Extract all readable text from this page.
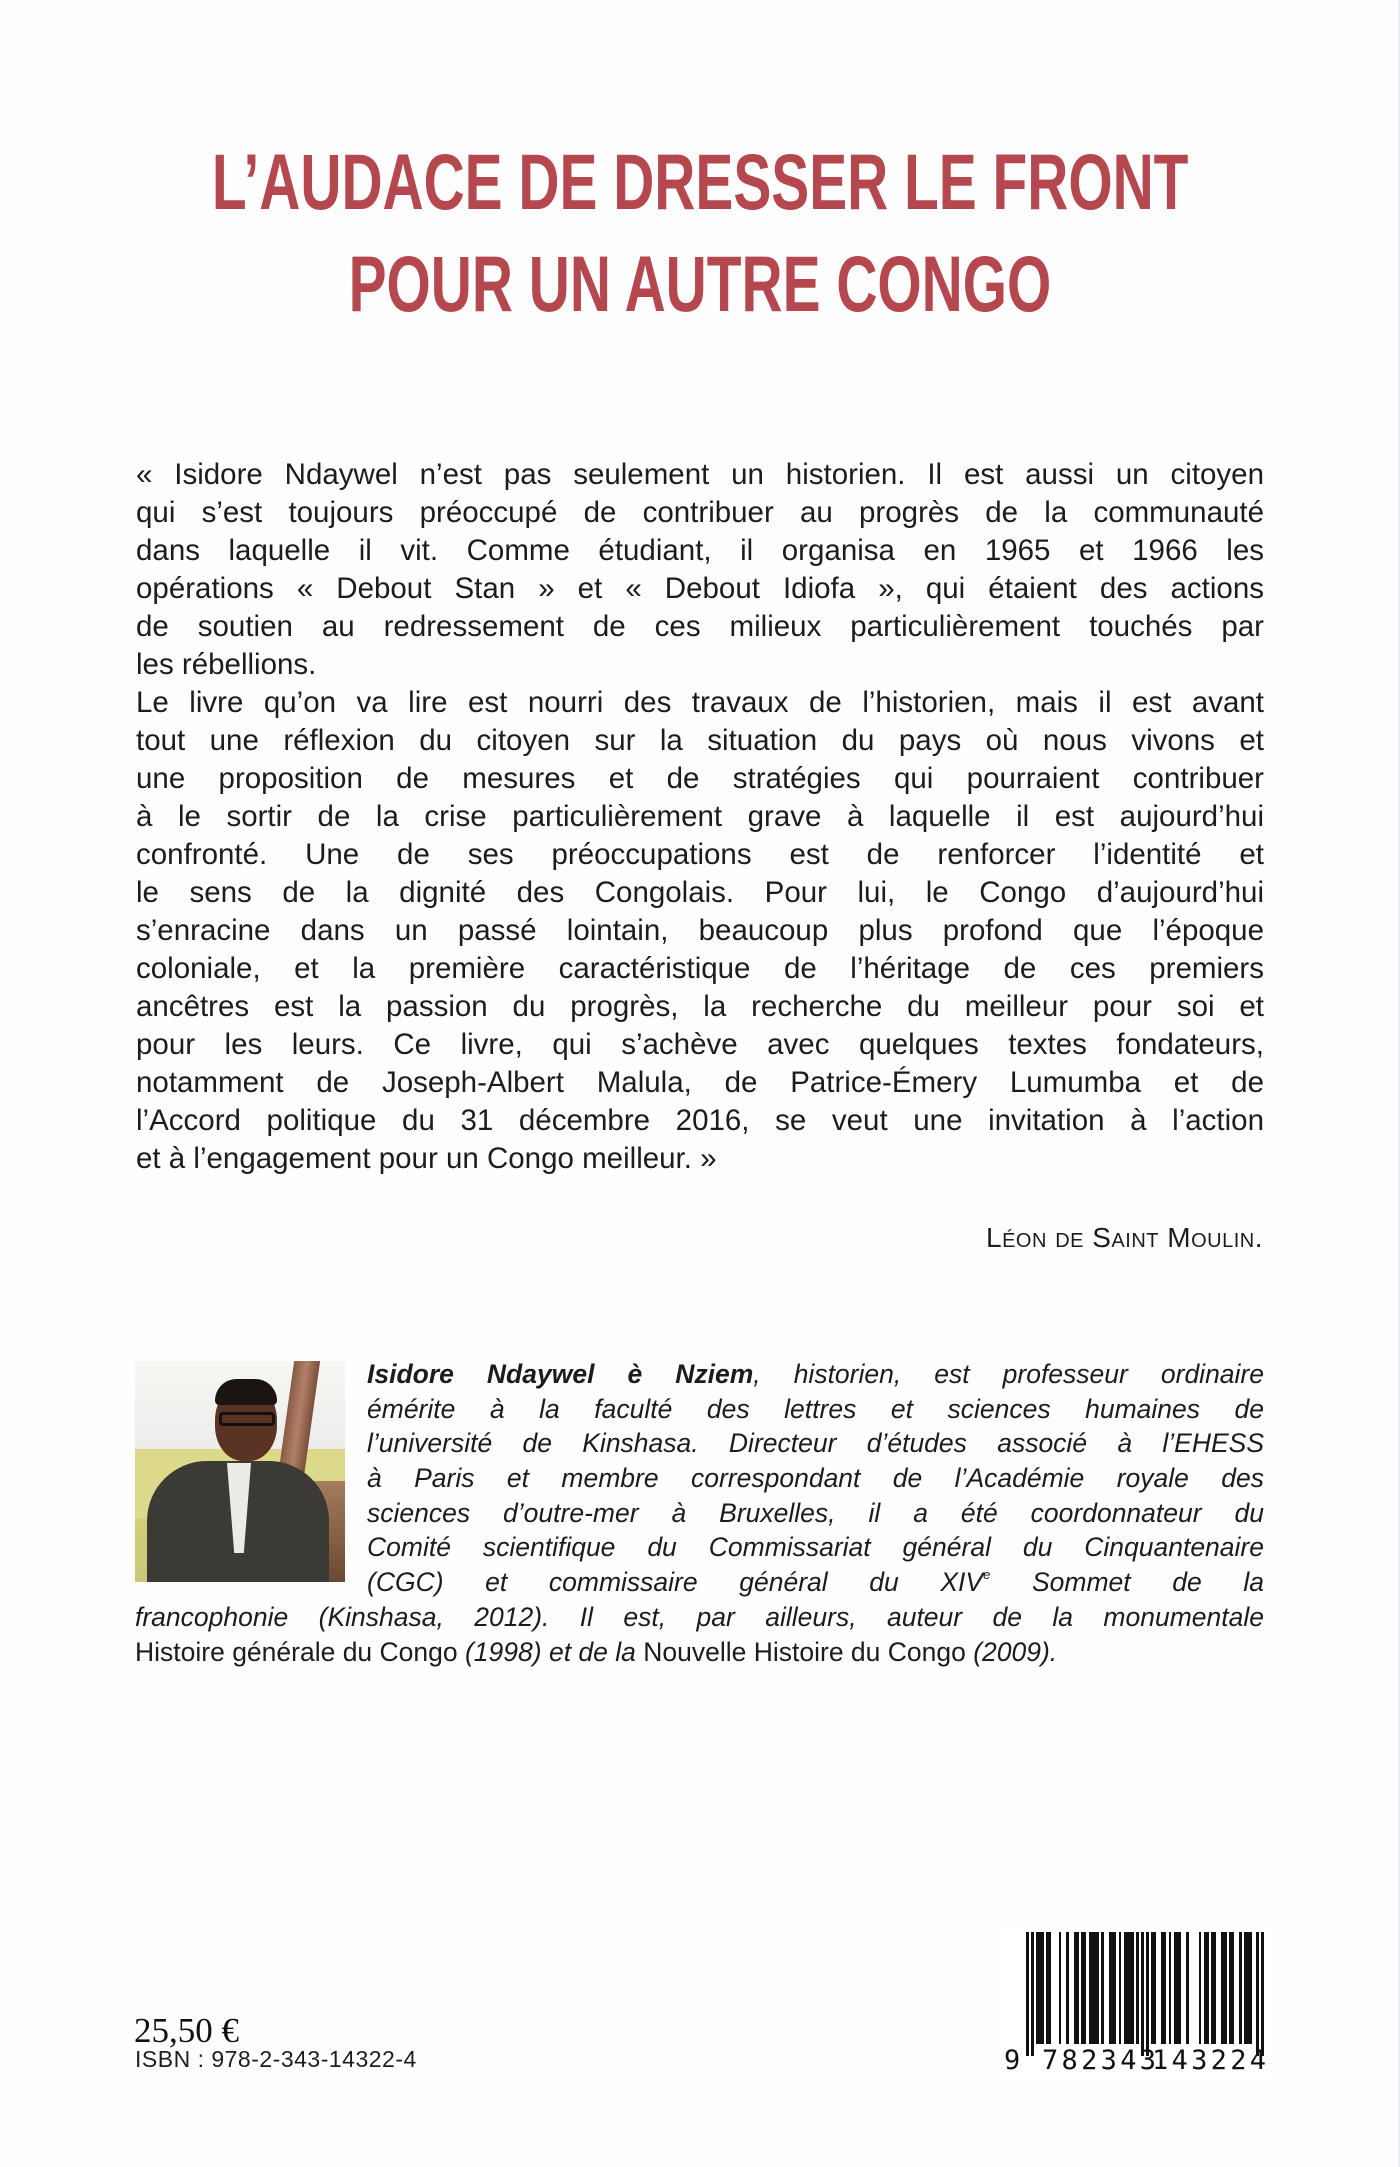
L’AUDACE DE DRESSER LE FRONT
POUR UN AUTRE CONGO
« Isidore Ndaywel n’est pas seulement un historien. Il est aussi un citoyen
qui s’est toujours préoccupé de contribuer au progrès de la communauté
dans laquelle il vit. Comme étudiant, il organisa en 1965 et 1966 les
opérations « Debout Stan » et « Debout Idiofa », qui étaient des actions
de soutien au redressement de ces milieux particulièrement touchés par
les rébellions.
Le livre qu’on va lire est nourri des travaux de l’historien, mais il est avant
tout une réflexion du citoyen sur la situation du pays où nous vivons et
une proposition de mesures et de stratégies qui pourraient contribuer
à le sortir de la crise particulièrement grave à laquelle il est aujourd’hui
confronté. Une de ses préoccupations est de renforcer l’identité et
le sens de la dignité des Congolais. Pour lui, le Congo d’aujourd’hui
s’enracine dans un passé lointain, beaucoup plus profond que l’époque
coloniale, et la première caractéristique de l’héritage de ces premiers
ancêtres est la passion du progrès, la recherche du meilleur pour soi et
pour les leurs. Ce livre, qui s’achève avec quelques textes fondateurs,
notamment de Joseph-Albert Malula, de Patrice-Émery Lumumba et de
l’Accord politique du 31 décembre 2016, se veut une invitation à l’action
et à l’engagement pour un Congo meilleur. »
Léon de Saint Moulin.
Isidore Ndaywel è Nziem, historien, est professeur ordinaire
émérite à la faculté des lettres et sciences humaines de
l’université de Kinshasa. Directeur d’études associé à l’EHESS
à Paris et membre correspondant de l’Académie royale des
sciences d’outre-mer à Bruxelles, il a été coordonnateur du
Comité scientifique du Commissariat général du Cinquantenaire
(CGC) et commissaire général du XIVe Sommet de la
francophonie (Kinshasa, 2012). Il est, par ailleurs, auteur de la monumentale
Histoire générale du Congo (1998) et de la Nouvelle Histoire du Congo (2009).
25,50 €
ISBN : 978-2-343-14322-4	9 782343
143224
